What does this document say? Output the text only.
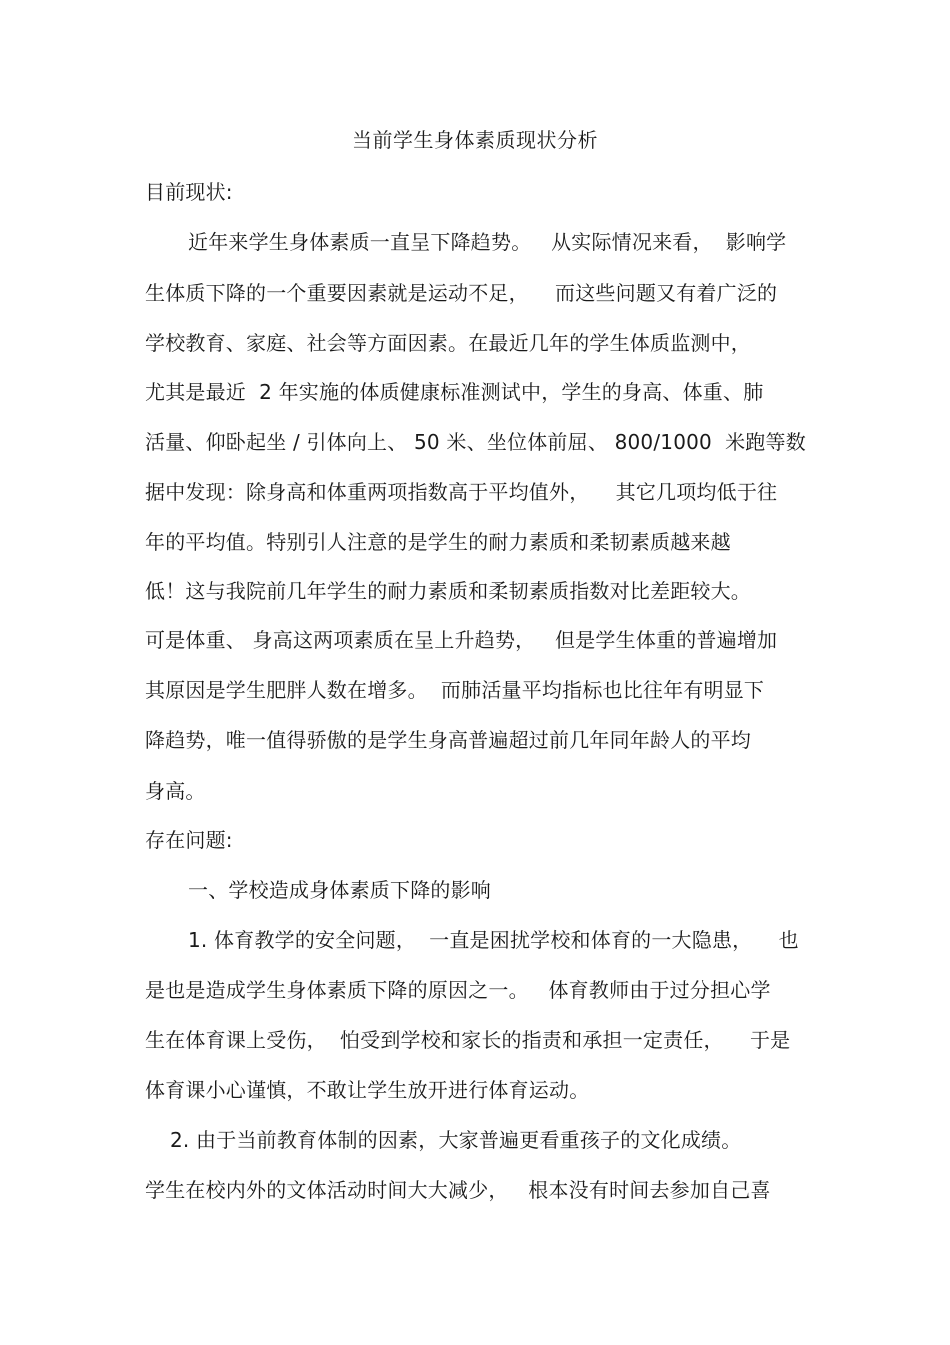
当前学生身体素质现状分析
目前现状:
近年来学生身体素质一直呈下降趋势。   从实际情况来看，  影响学
生体质下降的一个重要因素就是运动不足，    而这些问题又有着广泛的
学校教育、家庭、社会等方面因素。在最近几年的学生体质监测中，
尤其是最近  2 年实施的体质健康标准测试中，学生的身高、体重、肺
活量、仰卧起坐 / 引体向上、 50 米、坐位体前屈、 800/1000  米跑等数
据中发现：除身高和体重两项指数高于平均值外，    其它几项均低于往
年的平均值。特别引人注意的是学生的耐力素质和柔韧素质越来越
低！这与我院前几年学生的耐力素质和柔韧素质指数对比差距较大。
可是体重、 身高这两项素质在呈上升趋势，   但是学生体重的普遍增加
其原因是学生肥胖人数在增多。  而肺活量平均指标也比往年有明显下
降趋势，唯一值得骄傲的是学生身高普遍超过前几年同年龄人的平均
身高。
存在问题:
一、学校造成身体素质下降的影响
1. 体育教学的安全问题，  一直是困扰学校和体育的一大隐患，    也
是也是造成学生身体素质下降的原因之一。   体育教师由于过分担心学
生在体育课上受伤，  怕受到学校和家长的指责和承担一定责任，    于是
体育课小心谨慎，不敢让学生放开进行体育运动。
2. 由于当前教育体制的因素，大家普遍更看重孩子的文化成绩。
学生在校内外的文体活动时间大大减少，   根本没有时间去参加自己喜
